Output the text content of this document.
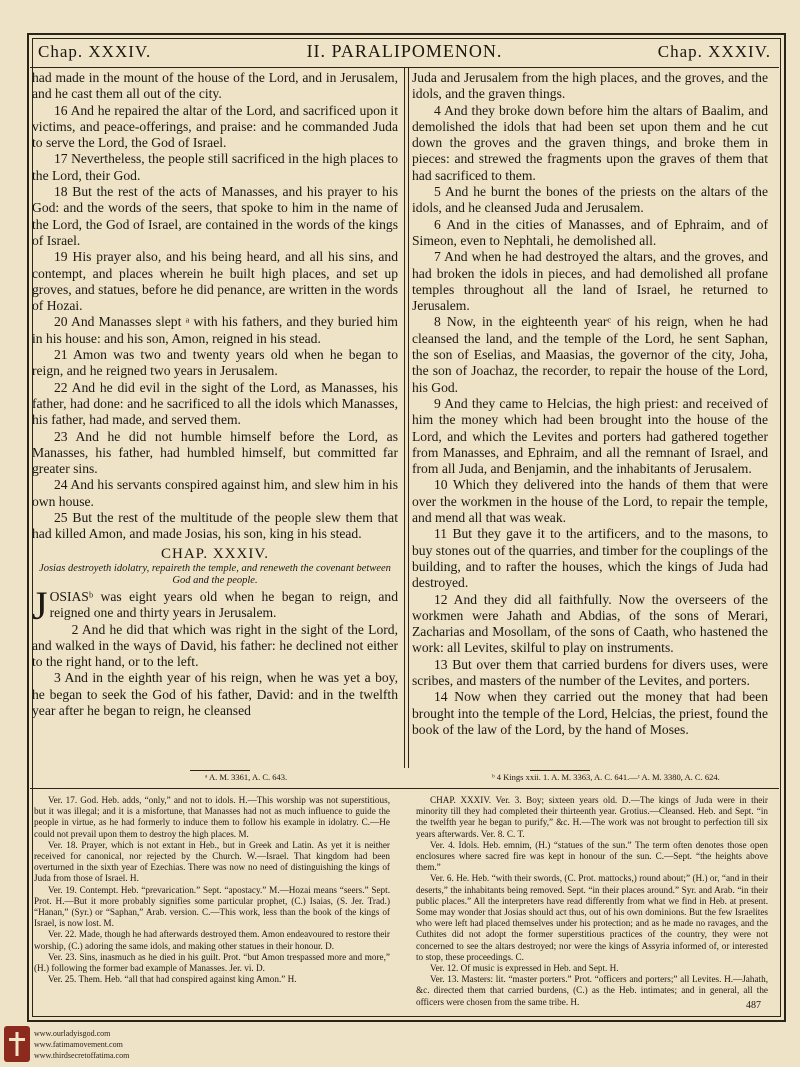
Chap. XXXIV.	II. PARALIPOMENON.	Chap. XXXIV.

had made in the mount of the house of the Lord, and in Jerusalem, and he cast them all out of the city.

16 And he repaired the altar of the Lord, and sacrificed upon it victims, and peace-offerings, and praise: and he commanded Juda to serve the Lord, the God of Israel.

17 Nevertheless, the people still sacrificed in the high places to the Lord, their God.

18 But the rest of the acts of Manasses, and his prayer to his God: and the words of the seers, that spoke to him in the name of the Lord, the God of Israel, are contained in the words of the kings of Israel.

19 His prayer also, and his being heard, and all his sins, and contempt, and places wherein he built high places, and set up groves, and statues, before he did penance, are written in the words of Hozai.

20 And Manasses slept ᵃ with his fathers, and they buried him in his house: and his son, Amon, reigned in his stead.

21 Amon was two and twenty years old when he began to reign, and he reigned two years in Jerusalem.

22 And he did evil in the sight of the Lord, as Manasses, his father, had done: and he sacrificed to all the idols which Manasses, his father, had made, and served them.

23 And he did not humble himself before the Lord, as Manasses, his father, had humbled himself, but committed far greater sins.

24 And his servants conspired against him, and slew him in his own house.

25 But the rest of the multitude of the people slew them that had killed Amon, and made Josias, his son, king in his stead.

CHAP. XXXIV.
Josias destroyeth idolatry, repaireth the temple, and reneweth the covenant between God and the people.

JOSIASᵇ was eight years old when he began to reign, and reigned one and thirty years in Jerusalem.

2 And he did that which was right in the sight of the Lord, and walked in the ways of David, his father: he declined not either to the right hand, or to the left.

3 And in the eighth year of his reign, when he was yet a boy, he began to seek the God of his father, David: and in the twelfth year after he began to reign, he cleansed

Juda and Jerusalem from the high places, and the groves, and the idols, and the graven things.

4 And they broke down before him the altars of Baalim, and demolished the idols that had been set upon them and he cut down the groves and the graven things, and broke them in pieces: and strewed the fragments upon the graves of them that had sacrificed to them.

5 And he burnt the bones of the priests on the altars of the idols, and he cleansed Juda and Jerusalem.

6 And in the cities of Manasses, and of Ephraim, and of Simeon, even to Nephtali, he demolished all.

7 And when he had destroyed the altars, and the groves, and had broken the idols in pieces, and had demolished all profane temples throughout all the land of Israel, he returned to Jerusalem.

8 Now, in the eighteenth yearᶜ of his reign, when he had cleansed the land, and the temple of the Lord, he sent Saphan, the son of Eselias, and Maasias, the governor of the city, Joha, the son of Joachaz, the recorder, to repair the house of the Lord, his God.

9 And they came to Helcias, the high priest: and received of him the money which had been brought into the house of the Lord, and which the Levites and porters had gathered together from Manasses, and Ephraim, and all the remnant of Israel, and from all Juda, and Benjamin, and the inhabitants of Jerusalem.

10 Which they delivered into the hands of them that were over the workmen in the house of the Lord, to repair the temple, and mend all that was weak.

11 But they gave it to the artificers, and to the masons, to buy stones out of the quarries, and timber for the couplings of the building, and to rafter the houses, which the kings of Juda had destroyed.

12 And they did all faithfully. Now the overseers of the workmen were Jahath and Abdias, of the sons of Merari, Zacharias and Mosollam, of the sons of Caath, who hastened the work: all Levites, skilful to play on instruments.

13 But over them that carried burdens for divers uses, were scribes, and masters of the number of the Levites, and porters.

14 Now when they carried out the money that had been brought into the temple of the Lord, Helcias, the priest, found the book of the law of the Lord, by the hand of Moses.

ᵃ A. M. 3361, A. C. 643.	ᵇ 4 Kings xxii. 1. A. M. 3363, A. C. 641.—ᶜ A. M. 3380, A. C. 624.

Ver. 17. God. Heb. adds, “only,” and not to idols. H.—This worship was not superstitious, but it was illegal; and it is a misfortune, that Manasses had not as much influence to guide the people in virtue, as he had formerly to induce them to follow his example in idolatry. C.—He could not prevail upon them to destroy the high places. M.

Ver. 18. Prayer, which is not extant in Heb., but in Greek and Latin. As yet it is neither received for canonical, nor rejected by the Church. W.—Israel. That kingdom had been overturned in the sixth year of Ezechias. There was now no need of distinguishing the kings of Juda from those of Israel. H.

Ver. 19. Contempt. Heb. “prevarication.” Sept. “apostacy.” M.—Hozai means “seers.” Sept. Prot. H.—But it more probably signifies some particular prophet, (C.) Isaias, (S. Jer. Trad.) “Hanan,” (Syr.) or “Saphan,” Arab. version. C.—This work, less than the book of the kings of Israel, is now lost. M.

Ver. 22. Made, though he had afterwards destroyed them. Amon endeavoured to restore their worship, (C.) adoring the same idols, and making other statues in their honour. D.

Ver. 23. Sins, inasmuch as he died in his guilt. Prot. “but Amon trespassed more and more,” (H.) following the former bad example of Manasses. Jer. vi. D.

Ver. 25. Them. Heb. “all that had conspired against king Amon.” H.

CHAP. XXXIV. Ver. 3. Boy; sixteen years old. D.—The kings of Juda were in their minority till they had completed their thirteenth year. Grotius.—Cleansed. Heb. and Sept. “in the twelfth year he began to purify,” &c. H.—The work was not brought to perfection till six years afterwards. Ver. 8. C. T.

Ver. 4. Idols. Heb. emnim, (H.) “statues of the sun.” The term often denotes those open enclosures where sacred fire was kept in honour of the sun. C.—Sept. “the heights above them.”

Ver. 6. He. Heb. “with their swords, (C. Prot. mattocks,) round about;” (H.) or, “and in their deserts,” the inhabitants being removed. Sept. “in their places around.” Syr. and Arab. “in their public places.” All the interpreters have read differently from what we find in Heb. at present. Some may wonder that Josias should act thus, out of his own dominions. But the few Israelites who were left had placed themselves under his protection; and as he made no ravages, and the Cuthites did not adopt the former superstitious practices of the country, they were not concerned to see the altars destroyed; nor were the kings of Assyria informed of, or interested to stop, these proceedings. C.

Ver. 12. Of music is expressed in Heb. and Sept. H.

Ver. 13. Masters: lit. “master porters.” Prot. “officers and porters;” all Levites. H.—Jahath, &c. directed them that carried burdens, (C.) as the Heb. intimates; and in general, all the officers were chosen from the same tribe. H.	487
www.ourladyisgod.com
www.fatimamovement.com
www.thirdsecretoffatima.com
